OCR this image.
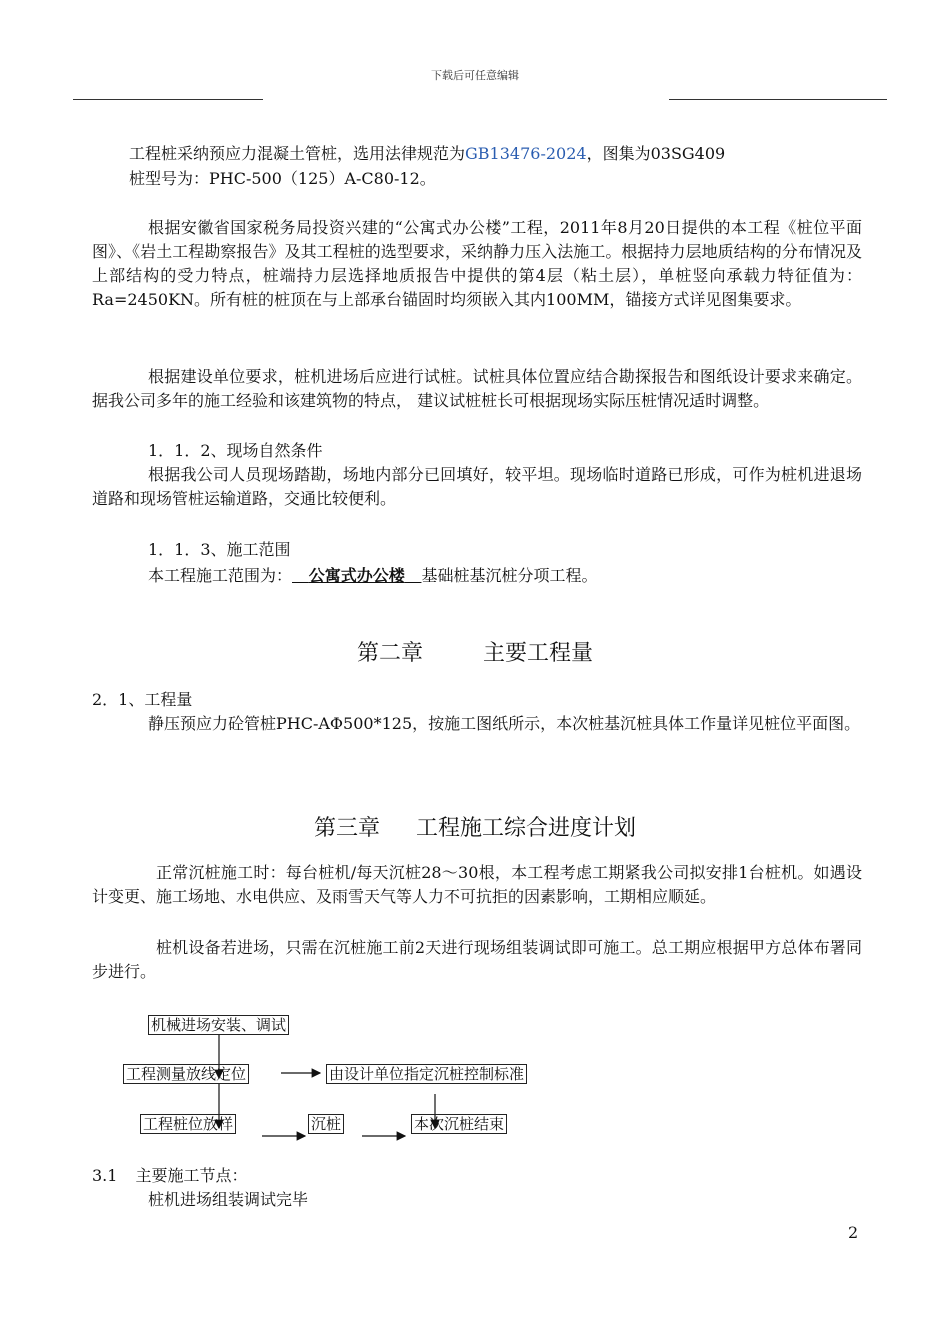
下载后可任意编辑
工程桩采纳预应力混凝土管桩，选用法律规范为GB13476-2024，图集为03SG409
桩型号为：PHC-500（125）A-C80-12。
根据安徽省国家税务局投资兴建的“公寓式办公楼”工程，2011年8月20日提供的本工程《桩位平面图》、《岩土工程勘察报告》及其工程桩的选型要求，采纳静力压入法施工。根据持力层地质结构的分布情况及上部结构的受力特点，桩端持力层选择地质报告中提供的第4层（粘土层），单桩竖向承载力特征值为：Ra=2450KN。所有桩的桩顶在与上部承台锚固时均须嵌入其内100MM，锚接方式详见图集要求。
根据建设单位要求，桩机进场后应进行试桩。试桩具体位置应结合勘探报告和图纸设计要求来确定。据我公司多年的施工经验和该建筑物的特点， 建议试桩桩长可根据现场实际压桩情况适时调整。
1．1．2、现场自然条件
根据我公司人员现场踏勘，场地内部分已回填好，较平坦。现场临时道路已形成，可作为桩机进退场道路和现场管桩运输道路，交通比较便利。
1．1．3、施工范围
本工程施工范围为： 公寓式办公楼 基础桩基沉桩分项工程。
第二章	主要工程量
2．1、工程量
静压预应力砼管桩PHC-AΦ500*125，按施工图纸所示，本次桩基沉桩具体工作量详见桩位平面图。
第三章 工程施工综合进度计划
正常沉桩施工时：每台桩机/每天沉桩28～30根，本工程考虑工期紧我公司拟安排1台桩机。如遇设计变更、施工场地、水电供应、及雨雪天气等人力不可抗拒的因素影响，工期相应顺延。
桩机设备若进场，只需在沉桩施工前2天进行现场组装调试即可施工。总工期应根据甲方总体布署同步进行。
机械进场安装、调试
工程测量放线定位	由设计单位指定沉桩控制标准
工程桩位放样	沉桩	本次沉桩结束
3.1 主要施工节点：
桩机进场组装调试完毕
2
